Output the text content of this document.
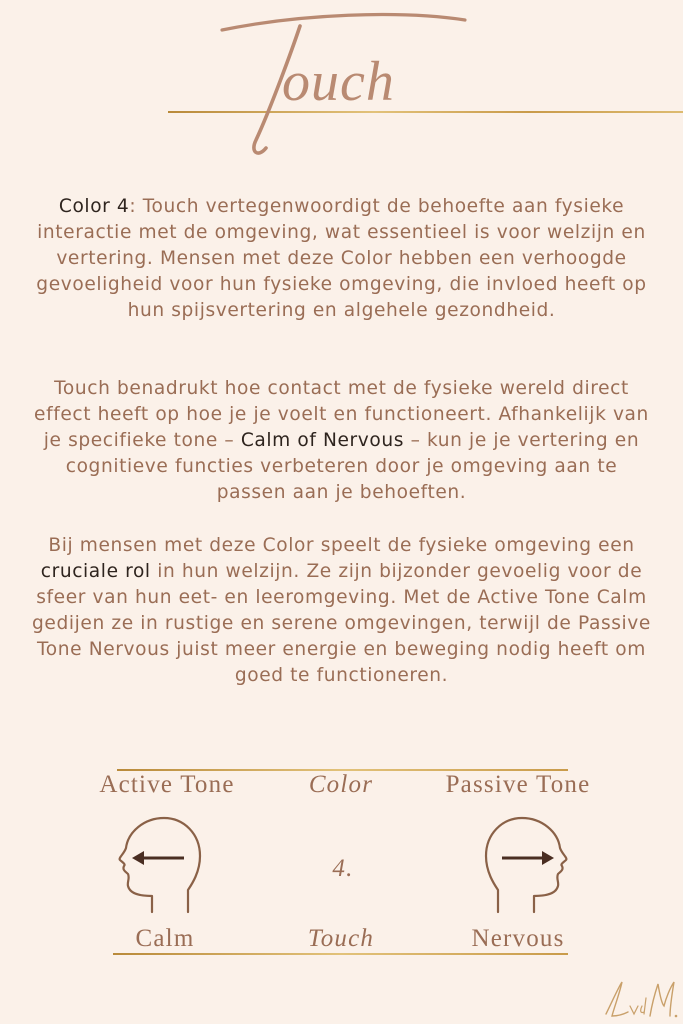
ouch
Touch
Color 4: Touch vertegenwoordigt de behoefte aan fysieke interactie met de omgeving, wat essentieel is voor welzijn en vertering. Mensen met deze Color hebben een verhoogde gevoeligheid voor hun fysieke omgeving, die invloed heeft op hun spijsvertering en algehele gezondheid.
Touch benadrukt hoe contact met de fysieke wereld direct effect heeft op hoe je je voelt en functioneert. Afhankelijk van je specifieke tone – Calm of Nervous – kun je je vertering en cognitieve functies verbeteren door je omgeving aan te passen aan je behoeften.
Bij mensen met deze Color speelt de fysieke omgeving een cruciale rol in hun welzijn. Ze zijn bijzonder gevoelig voor de sfeer van hun eet- en leeromgeving. Met de Active Tone Calm gedijen ze in rustige en serene omgevingen, terwijl de Passive Tone Nervous juist meer energie en beweging nodig heeft om goed te functioneren.
Active Tone	Color	Passive Tone
4.
Calm	Touch	Nervous
